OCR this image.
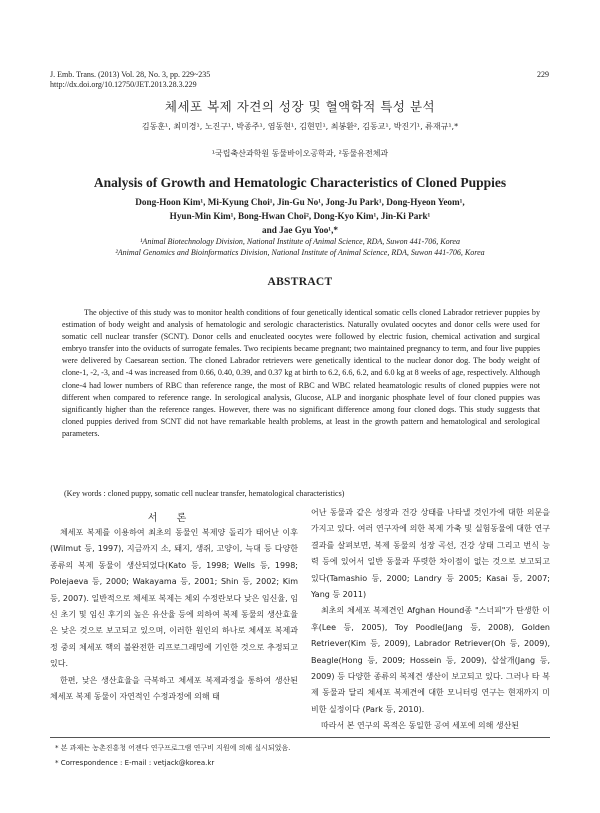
J. Emb. Trans. (2013) Vol. 28, No. 3, pp. 229~235
http://dx.doi.org/10.12750/JET.2013.28.3.229
229
체세포 복제 자견의 성장 및 혈액학적 특성 분석
김동훈¹, 최미경¹, 노진구¹, 박종주¹, 염동현¹, 김현민¹, 최봉환², 김동교¹, 박진기¹, 류재규¹,*
¹국립축산과학원 동물바이오공학과, ²동물유전체과
Analysis of Growth and Hematologic Characteristics of Cloned Puppies
Dong-Hoon Kim¹, Mi-Kyung Choi¹, Jin-Gu No¹, Jong-Ju Park¹, Dong-Hyeon Yeom¹,
Hyun-Min Kim¹, Bong-Hwan Choi², Dong-Kyo Kim¹, Jin-Ki Park¹
and Jae Gyu Yoo¹,*
¹Animal Biotechnology Division, National Institute of Animal Science, RDA, Suwon 441-706, Korea
²Animal Genomics and Bioinformatics Division, National Institute of Animal Science, RDA, Suwon 441-706, Korea
ABSTRACT
The objective of this study was to monitor health conditions of four genetically identical somatic cells cloned Labrador retriever puppies by estimation of body weight and analysis of hematologic and serologic characteristics. Naturally ovulated oocytes and donor cells were used for somatic cell nuclear transfer (SCNT). Donor cells and enucleated oocytes were followed by electric fusion, chemical activation and surgical embryo transfer into the oviducts of surrogate females. Two recipients became pregnant; two maintained pregnancy to term, and four live puppies were delivered by Caesarean section. The cloned Labrador retrievers were genetically identical to the nuclear donor dog. The body weight of clone-1, -2, -3, and -4 was increased from 0.66, 0.40, 0.39, and 0.37 kg at birth to 6.2, 6.6, 6.2, and 6.0 kg at 8 weeks of age, respectively. Although clone-4 had lower numbers of RBC than reference range, the most of RBC and WBC related heamatologic results of cloned puppies were not different when compared to reference range. In serological analysis, Glucose, ALP and inorganic phosphate level of four cloned puppies was significantly higher than the reference ranges. However, there was no significant difference among four cloned dogs. This study suggests that cloned puppies derived from SCNT did not have remarkable health problems, at least in the growth pattern and hematological and serological parameters.
(Key words : cloned puppy, somatic cell nuclear transfer, hematological characteristics)
서 론

체세포 복제를 이용하여 최초의 동물인 복제양 돌리가 태어난 이후(Wilmut 등, 1997), 지금까지 소, 돼지, 생쥐, 고양이, 늑대 등 다양한 종류의 복제 동물이 생산되었다(Kato 등, 1998; Wells 등, 1998; Polejaeva 등, 2000; Wakayama 등, 2001; Shin 등, 2002; Kim 등, 2007). 일반적으로 체세포 복제는 체외 수정란보다 낮은 임신율, 임신 초기 및 임신 후기의 높은 유산율 등에 의하여 복제 동물의 생산효율은 낮은 것으로 보고되고 있으며, 이러한 원인의 하나로 체세포 복제과정 중의 체세포 핵의 불완전한 리프로그래밍에 기인한 것으로 추정되고 있다.

한편, 낮은 생산효율을 극복하고 체세포 복제과정을 통하여 생산된 체세포 복제 동물이 자연적인 수정과정에 의해 태

어난 동물과 같은 성장과 건강 상태를 나타낼 것인가에 대한 의문을 가지고 있다. 여러 연구자에 의한 복제 가축 및 실험동물에 대한 연구 결과를 살펴보면, 복제 동물의 성장 곡선, 건강 상태 그리고 번식 능력 등에 있어서 일반 동물과 뚜렷한 차이점이 없는 것으로 보고되고 있다(Tamashio 등, 2000; Landry 등 2005; Kasai 등, 2007; Yang 등 2011)

최초의 체세포 복제견인 Afghan Hound종 "스너피"가 탄생한 이후(Lee 등, 2005), Toy Poodle(Jang 등, 2008), Golden Retriever(Kim 등, 2009), Labrador Retriever(Oh 등, 2009), Beagle(Hong 등, 2009; Hossein 등, 2009), 삽살개(Jang 등, 2009) 등 다양한 종류의 복제견 생산이 보고되고 있다. 그러나 타 복제 동물과 달리 체세포 복제견에 대한 모니터링 연구는 현재까지 미비한 실정이다 (Park 등, 2010).

따라서 본 연구의 목적은 동일한 공여 세포에 의해 생산된

* 본 과제는 농촌진흥청 어젠다 연구프로그램 연구비 지원에 의해 실시되었음.
* Correspondence : E-mail : vetjack@korea.kr
